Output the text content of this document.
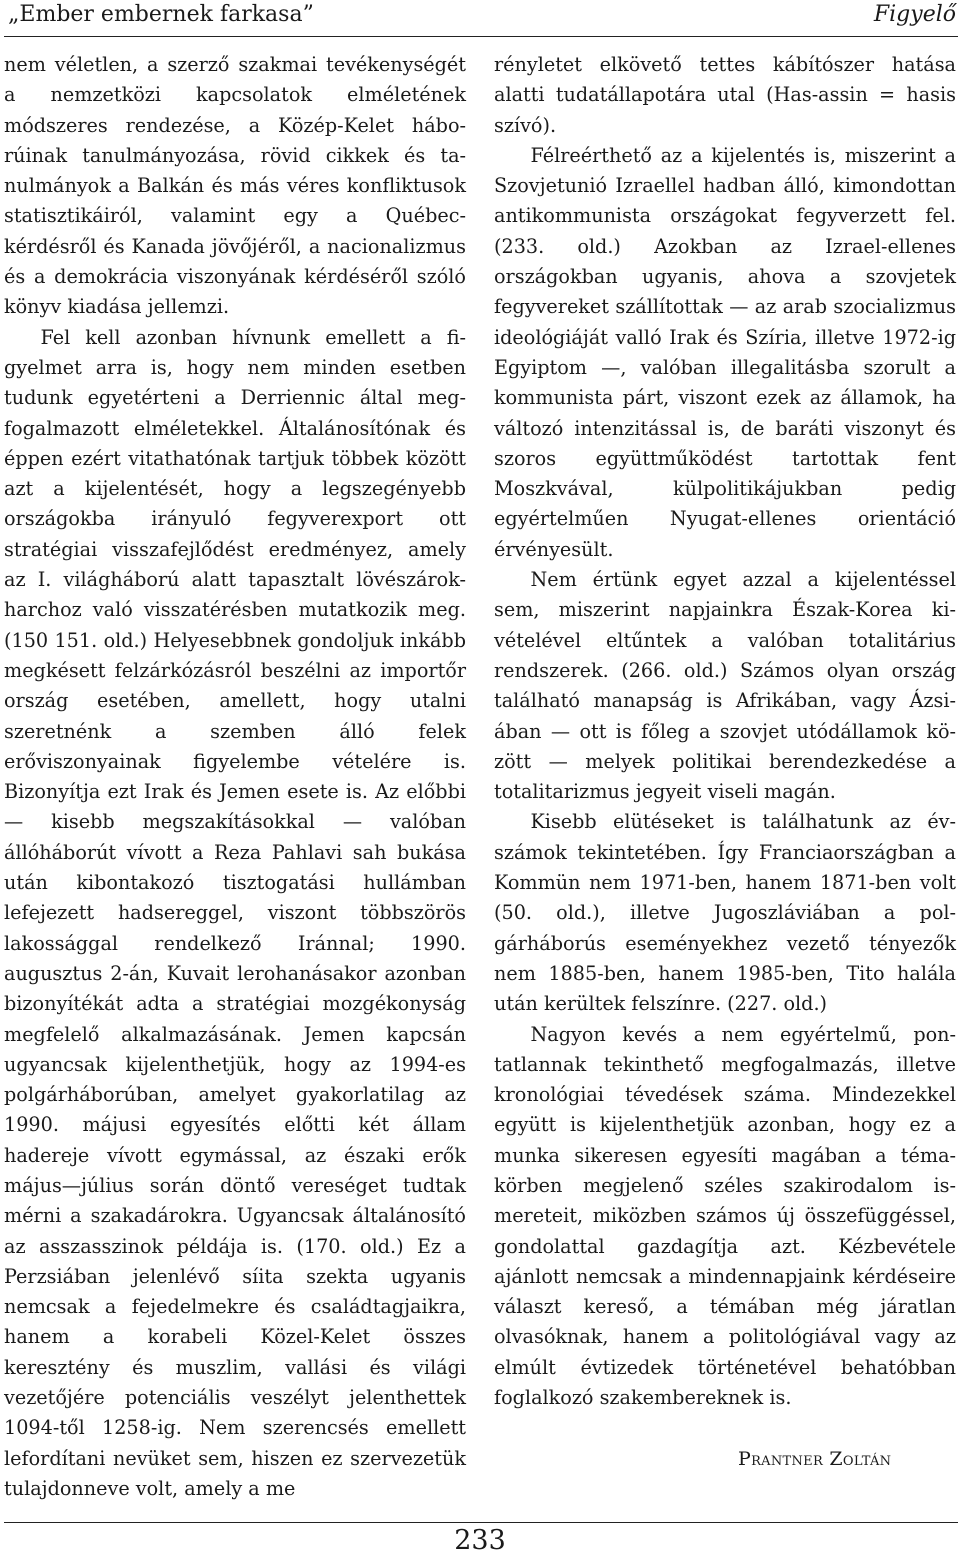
„Ember embernek farkasa”	Figyelő

nem véletlen, a szerző szakmai tevékenységét a nemzetközi kapcsolatok elméletének módszeres rendezése, a Közép-Kelet háborúinak tanulmányozása, rövid cikkek és tanulmányok a Balkán és más véres konfliktusok statisztikáiról, valamint egy a Québec-kérdésről és Kanada jövőjéről, a nacionalizmus és a demokrácia viszonyának kérdéséről szóló könyv kiadása jellemzi.

Fel kell azonban hívnunk emellett a figyelmet arra is, hogy nem minden esetben tudunk egyetérteni a Derriennic által megfogalmazott elméletekkel. Általánosítónak és éppen ezért vitathatónak tartjuk többek között azt a kijelentését, hogy a legszegényebb országokba irányuló fegyverexport ott stratégiai visszafejlődést eredményez, amely az I. világháború alatt tapasztalt lövészárok-harchoz való visszatérésben mutatkozik meg. (150 151. old.) Helyesebbnek gondoljuk inkább megkésett felzárkózásról beszélni az importőr ország esetében, amellett, hogy utalni szeretnénk a szemben álló felek erőviszonyainak figyelembe vételére is. Bizonyítja ezt Irak és Jemen esete is. Az előbbi — kisebb megszakításokkal — valóban állóháborút vívott a Reza Pahlavi sah bukása után kibontakozó tisztogatási hullámban lefejezett hadsereggel, viszont többszörös lakossággal rendelkező Iránnal; 1990. augusztus 2-án, Kuvait lerohanásakor azonban bizonyítékát adta a stratégiai mozgékonyság megfelelő alkalmazásának. Jemen kapcsán ugyancsak kijelenthetjük, hogy az 1994-es polgárháborúban, amelyet gyakorlatilag az 1990. májusi egyesítés előtti két állam hadereje vívott egymással, az északi erők május—július során döntő vereséget tudtak mérni a szakadárokra. Ugyancsak általánosító az asszasszinok példája is. (170. old.) Ez a Perzsiában jelenlévő síita szekta ugyanis nemcsak a fejedelmekre és családtagjaikra, hanem a korabeli Közel-Kelet összes keresztény és muszlim, vallási és világi vezetőjére potenciális veszélyt jelenthettek 1094-től 1258-ig. Nem szerencsés emellett lefordítani nevüket sem, hiszen ez szervezetük tulajdonneve volt, amely a me

rényletet elkövető tettes kábítószer hatása alatti tudatállapotára utal (Has-assin = hasis szívó).

Félreérthető az a kijelentés is, miszerint a Szovjetunió Izraellel hadban álló, kimondottan antikommunista országokat fegyverzett fel. (233. old.) Azokban az Izrael-ellenes országokban ugyanis, ahova a szovjetek fegyvereket szállítottak — az arab szocializmus ideológiáját valló Irak és Szíria, illetve 1972-ig Egyiptom —, valóban illegalitásba szorult a kommunista párt, viszont ezek az államok, ha változó intenzitással is, de baráti viszonyt és szoros együttműködést tartottak fent Moszkvával, külpolitikájukban pedig egyértelműen Nyugat-ellenes orientáció érvényesült.

Nem értünk egyet azzal a kijelentéssel sem, miszerint napjainkra Észak-Korea kivételével eltűntek a valóban totalitárius rendszerek. (266. old.) Számos olyan ország található manapság is Afrikában, vagy Ázsiában — ott is főleg a szovjet utódállamok között — melyek politikai berendezkedése a totalitarizmus jegyeit viseli magán.

Kisebb elütéseket is találhatunk az évszámok tekintetében. Így Franciaországban a Kommün nem 1971-ben, hanem 1871-ben volt (50. old.), illetve Jugoszláviában a polgárháborús eseményekhez vezető tényezők nem 1885-ben, hanem 1985-ben, Tito halála után kerültek felszínre. (227. old.)

Nagyon kevés a nem egyértelmű, pontatlannak tekinthető megfogalmazás, illetve kronológiai tévedések száma. Mindezekkel együtt is kijelenthetjük azonban, hogy ez a munka sikeresen egyesíti magában a témakörben megjelenő széles szakirodalom ismereteit, miközben számos új összefüggéssel, gondolattal gazdagítja azt. Kézbevétele ajánlott nemcsak a mindennapjaink kérdéseire választ kereső, a témában még járatlan olvasóknak, hanem a politológiával vagy az elmúlt évtizedek történetével behatóbban foglalkozó szakembereknek is.

Prantner Zoltán
233
